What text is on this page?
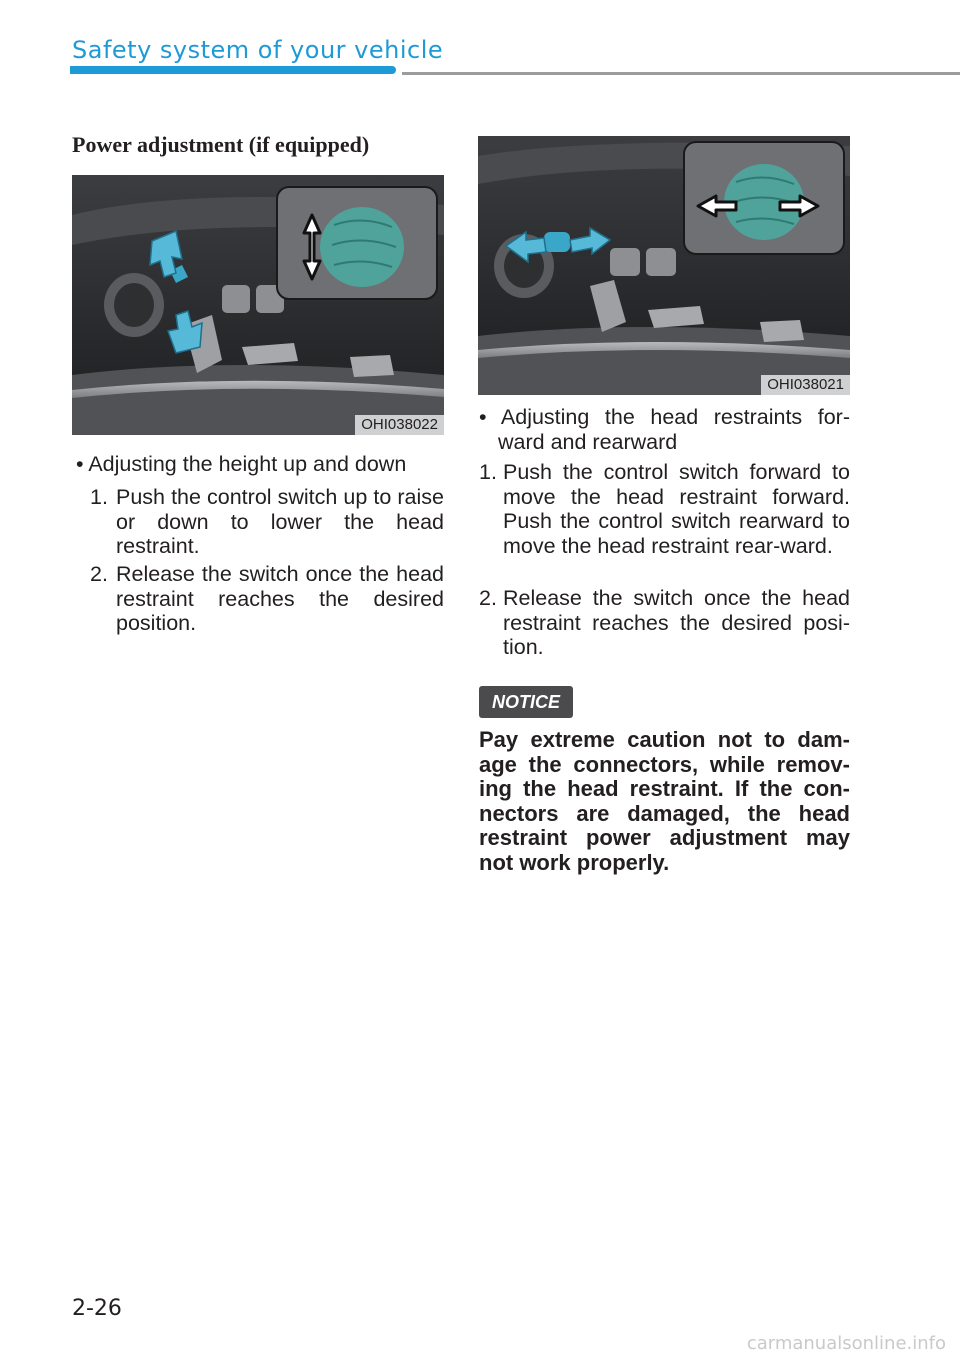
Safety system of your vehicle
Power adjustment (if equipped)
OHI038022
• Adjusting the height up and down
1. Push the control switch up to raise or down to lower the head restraint.
2. Release the switch once the head restraint reaches the desired position.
OHI038021
• Adjusting the head restraints for-
ward and rearward
1. Push the control switch forward to move the head restraint forward. Push the control switch rearward to move the head restraint rear-ward.
2. Release the switch once the head restraint reaches the desired posi-tion.
NOTICE
Pay extreme caution not to dam-age the connectors, while remov-ing the head restraint. If the con-nectors are damaged, the head restraint power adjustment may not work properly.
2-26
carmanualsonline.info
